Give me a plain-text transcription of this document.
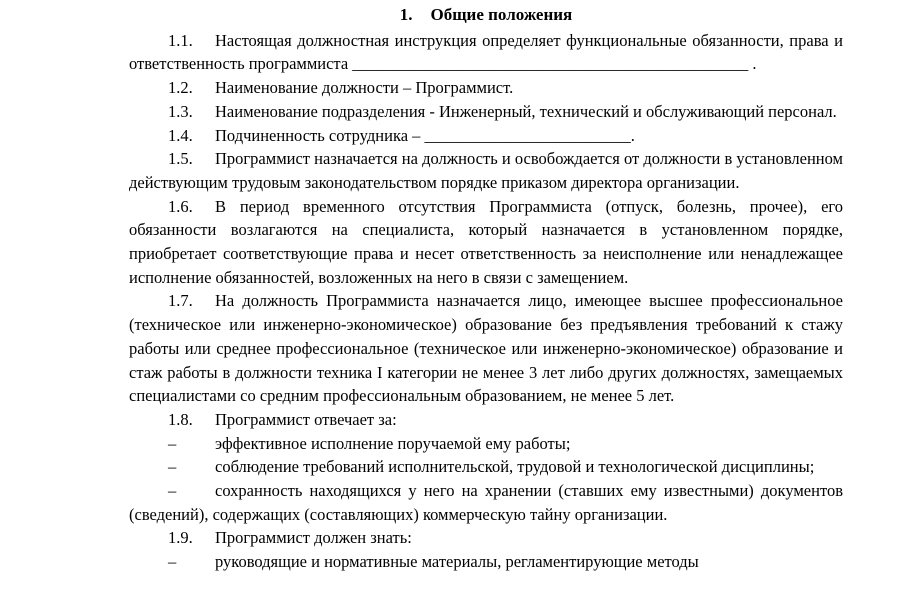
1. Общие положения

1.1. Настоящая должностная инструкция определяет функциональные обязанности, права и ответственность программиста ________________________________________________ .

1.2. Наименование должности – Программист.

1.3. Наименование подразделения - Инженерный, технический и обслуживающий персонал.

1.4. Подчиненность сотрудника – _________________________.

1.5. Программист назначается на должность и освобождается от должности в установленном действующим трудовым законодательством порядке приказом директора организации.

1.6. В период временного отсутствия Программиста (отпуск, болезнь, прочее), его обязанности возлагаются на специалиста, который назначается в установленном порядке, приобретает соответствующие права и несет ответственность за неисполнение или ненадлежащее исполнение обязанностей, возложенных на него в связи с замещением.

1.7. На должность Программиста назначается лицо, имеющее высшее профессиональное (техническое или инженерно-экономическое) образование без предъявления требований к стажу работы или среднее профессиональное (техническое или инженерно-экономическое) образование и стаж работы в должности техника I категории не менее 3 лет либо других должностях, замещаемых специалистами со средним профессиональным образованием, не менее 5 лет.

1.8. Программист отвечает за:

– эффективное исполнение поручаемой ему работы;

– соблюдение требований исполнительской, трудовой и технологической дисциплины;

– сохранность находящихся у него на хранении (ставших ему известными) документов (сведений), содержащих (составляющих) коммерческую тайну организации.

1.9. Программист должен знать:

– руководящие и нормативные материалы, регламентирующие методы
